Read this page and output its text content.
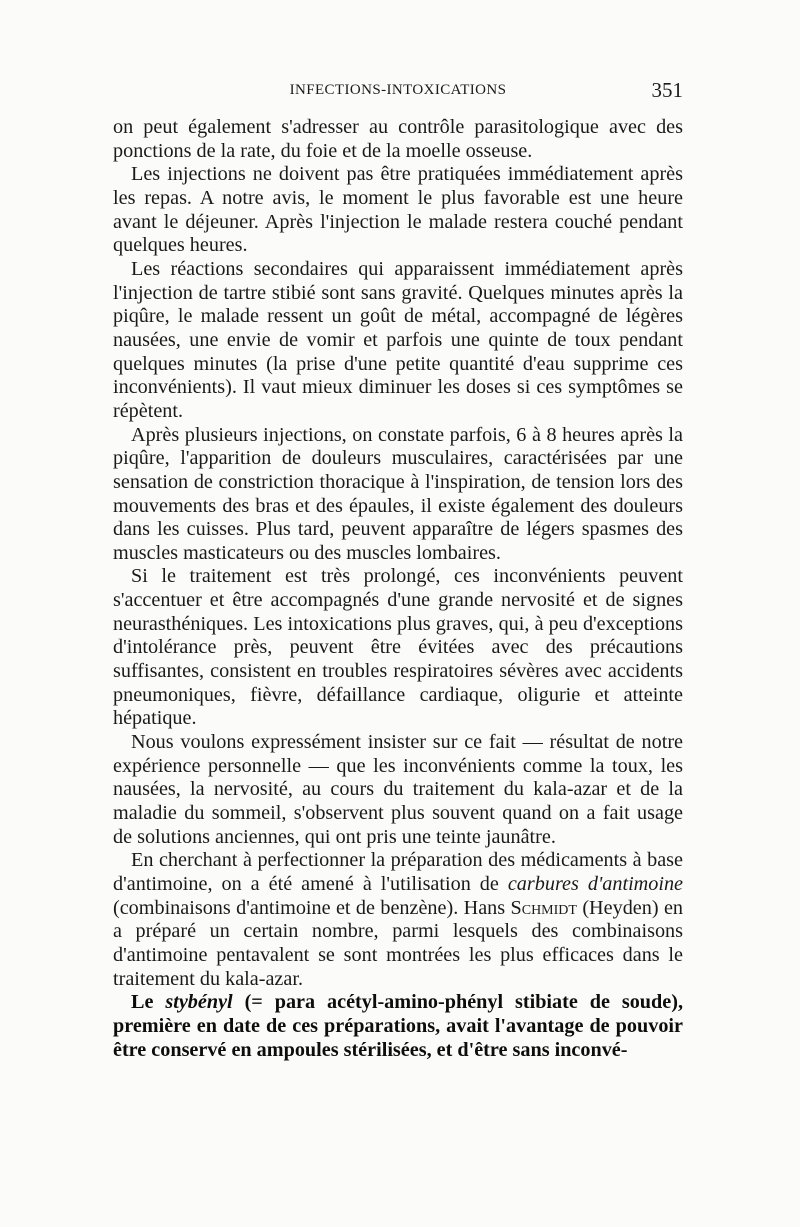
INFECTIONS-INTOXICATIONS	351

on peut également s'adresser au contrôle parasitologique avec des ponctions de la rate, du foie et de la moelle osseuse.

Les injections ne doivent pas être pratiquées immédiatement après les repas. A notre avis, le moment le plus favorable est une heure avant le déjeuner. Après l'injection le malade restera couché pendant quelques heures.

Les réactions secondaires qui apparaissent immédiatement après l'injection de tartre stibié sont sans gravité. Quelques minutes après la piqûre, le malade ressent un goût de métal, accompagné de légères nausées, une envie de vomir et parfois une quinte de toux pendant quelques minutes (la prise d'une petite quantité d'eau supprime ces inconvénients). Il vaut mieux diminuer les doses si ces symptômes se répètent.

Après plusieurs injections, on constate parfois, 6 à 8 heures après la piqûre, l'apparition de douleurs musculaires, caractérisées par une sensation de constriction thoracique à l'inspiration, de tension lors des mouvements des bras et des épaules, il existe également des douleurs dans les cuisses. Plus tard, peuvent apparaître de légers spasmes des muscles masticateurs ou des muscles lombaires.

Si le traitement est très prolongé, ces inconvénients peuvent s'accentuer et être accompagnés d'une grande nervosité et de signes neurasthéniques. Les intoxications plus graves, qui, à peu d'exceptions d'intolérance près, peuvent être évitées avec des précautions suffisantes, consistent en troubles respiratoires sévères avec accidents pneumoniques, fièvre, défaillance cardiaque, oligurie et atteinte hépatique.

Nous voulons expressément insister sur ce fait — résultat de notre expérience personnelle — que les inconvénients comme la toux, les nausées, la nervosité, au cours du traitement du kala-azar et de la maladie du sommeil, s'observent plus souvent quand on a fait usage de solutions anciennes, qui ont pris une teinte jaunâtre.

En cherchant à perfectionner la préparation des médicaments à base d'antimoine, on a été amené à l'utilisation de carbures d'antimoine (combinaisons d'antimoine et de benzène). Hans Schmidt (Heyden) en a préparé un certain nombre, parmi lesquels des combinaisons d'antimoine pentavalent se sont montrées les plus efficaces dans le traitement du kala-azar.

Le stybényl (= para acétyl-amino-phényl stibiate de soude), première en date de ces préparations, avait l'avantage de pouvoir être conservé en ampoules stérilisées, et d'être sans inconvé-
